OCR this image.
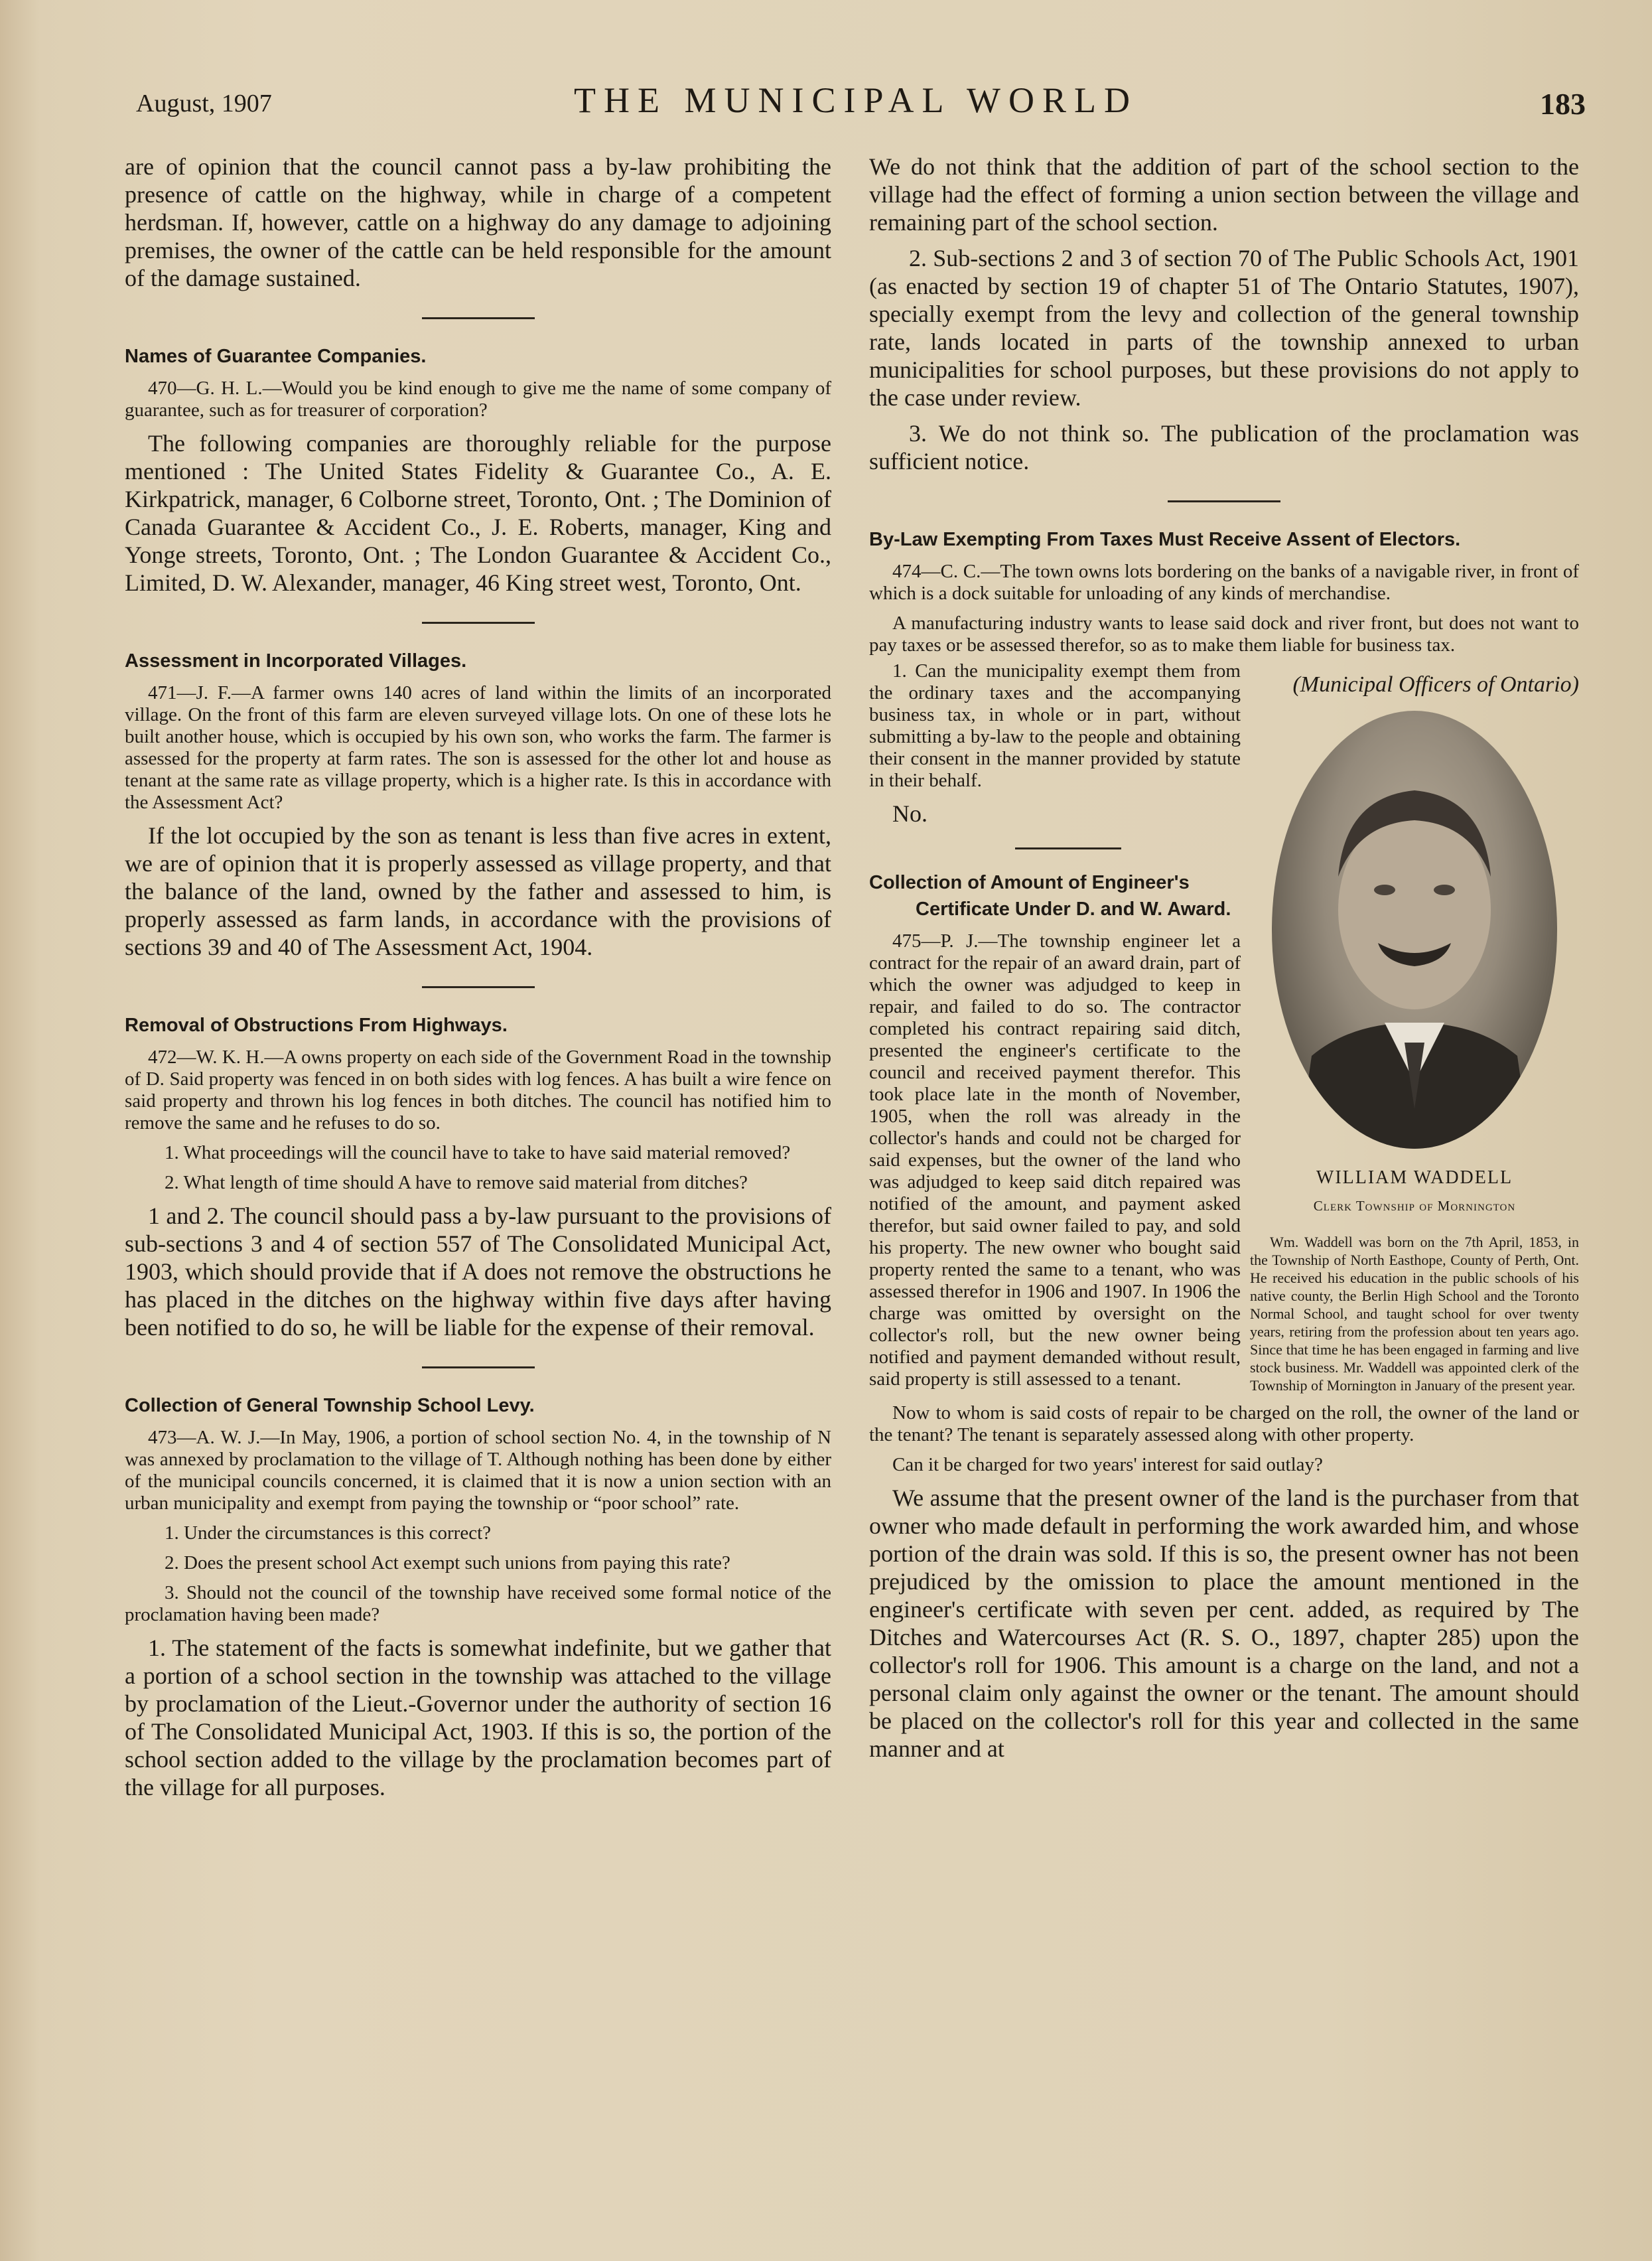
August, 1907	THE MUNICIPAL WORLD	183

are of opinion that the council cannot pass a by-law prohibiting the presence of cattle on the highway, while in charge of a competent herdsman. If, however, cattle on a highway do any damage to adjoining premises, the owner of the cattle can be held responsible for the amount of the damage sustained.

Names of Guarantee Companies.

470—G. H. L.—Would you be kind enough to give me the name of some company of guarantee, such as for treasurer of corporation?

The following companies are thoroughly reliable for the purpose mentioned : The United States Fidelity & Guarantee Co., A. E. Kirkpatrick, manager, 6 Colborne street, Toronto, Ont. ; The Dominion of Canada Guarantee & Accident Co., J. E. Roberts, manager, King and Yonge streets, Toronto, Ont. ; The London Guarantee & Accident Co., Limited, D. W. Alexander, manager, 46 King street west, Toronto, Ont.

Assessment in Incorporated Villages.

471—J. F.—A farmer owns 140 acres of land within the limits of an incorporated village. On the front of this farm are eleven surveyed village lots. On one of these lots he built another house, which is occupied by his own son, who works the farm. The farmer is assessed for the property at farm rates. The son is assessed for the other lot and house as tenant at the same rate as village property, which is a higher rate. Is this in accordance with the Assessment Act?

If the lot occupied by the son as tenant is less than five acres in extent, we are of opinion that it is properly assessed as village property, and that the balance of the land, owned by the father and assessed to him, is properly assessed as farm lands, in accordance with the provisions of sections 39 and 40 of The Assessment Act, 1904.

Removal of Obstructions From Highways.

472—W. K. H.—A owns property on each side of the Government Road in the township of D. Said property was fenced in on both sides with log fences. A has built a wire fence on said property and thrown his log fences in both ditches. The council has notified him to remove the same and he refuses to do so.

1. What proceedings will the council have to take to have said material removed?

2. What length of time should A have to remove said material from ditches?

1 and 2. The council should pass a by-law pursuant to the provisions of sub-sections 3 and 4 of section 557 of The Consolidated Municipal Act, 1903, which should provide that if A does not remove the obstructions he has placed in the ditches on the highway within five days after having been notified to do so, he will be liable for the expense of their removal.

Collection of General Township School Levy.

473—A. W. J.—In May, 1906, a portion of school section No. 4, in the township of N was annexed by proclamation to the village of T. Although nothing has been done by either of the municipal councils concerned, it is claimed that it is now a union section with an urban municipality and exempt from paying the township or “poor school” rate.

1. Under the circumstances is this correct?

2. Does the present school Act exempt such unions from paying this rate?

3. Should not the council of the township have received some formal notice of the proclamation having been made?

1. The statement of the facts is somewhat indefinite, but we gather that a portion of a school section in the township was attached to the village by proclamation of the Lieut.-Governor under the authority of section 16 of The Consolidated Municipal Act, 1903. If this is so, the portion of the school section added to the village by the proclamation becomes part of the village for all purposes.

We do not think that the addition of part of the school section to the village had the effect of forming a union section between the village and remaining part of the school section.

2. Sub-sections 2 and 3 of section 70 of The Public Schools Act, 1901 (as enacted by section 19 of chapter 51 of The Ontario Statutes, 1907), specially exempt from the levy and collection of the general township rate, lands located in parts of the township annexed to urban municipalities for school purposes, but these provisions do not apply to the case under review.

3. We do not think so. The publication of the proclamation was sufficient notice.

By-Law Exempting From Taxes Must Receive Assent of Electors.

474—C. C.—The town owns lots bordering on the banks of a navigable river, in front of which is a dock suitable for unloading of any kinds of merchandise.

A manufacturing industry wants to lease said dock and river front, but does not want to pay taxes or be assessed therefor, so as to make them liable for business tax.

1. Can the municipality exempt them from the ordinary taxes and the accompanying business tax, in whole or in part, without submitting a by-law to the people and obtaining their consent in the manner provided by statute in their behalf.

No.

Collection of Amount of Engineer's Certificate Under D. and W. Award.

475—P. J.—The township engineer let a contract for the repair of an award drain, part of which the owner was adjudged to keep in repair, and failed to do so. The contractor completed his contract repairing said ditch, presented the engineer's certificate to the council and received payment therefor. This took place late in the month of November, 1905, when the roll was already in the collector's hands and could not be charged for said expenses, but the owner of the land who was adjudged to keep said ditch repaired was notified of the amount, and payment asked therefor, but said owner failed to pay, and sold his property. The new owner who bought said property rented the same to a tenant, who was assessed therefor in 1906 and 1907. In 1906 the charge was omitted by oversight on the collector's roll, but the new owner being notified and payment demanded without result, said property is still assessed to a tenant.

(Municipal Officers of Ontario)
WILLIAM WADDELL
Clerk Township of Mornington

Wm. Waddell was born on the 7th April, 1853, in the Township of North Easthope, County of Perth, Ont. He received his education in the public schools of his native county, the Berlin High School and the Toronto Normal School, and taught school for over twenty years, retiring from the profession about ten years ago. Since that time he has been engaged in farming and live stock business. Mr. Waddell was appointed clerk of the Township of Mornington in January of the present year.

Now to whom is said costs of repair to be charged on the roll, the owner of the land or the tenant? The tenant is separately assessed along with other property.

Can it be charged for two years' interest for said outlay?

We assume that the present owner of the land is the purchaser from that owner who made default in performing the work awarded him, and whose portion of the drain was sold. If this is so, the present owner has not been prejudiced by the omission to place the amount mentioned in the engineer's certificate with seven per cent. added, as required by The Ditches and Watercourses Act (R. S. O., 1897, chapter 285) upon the collector's roll for 1906. This amount is a charge on the land, and not a personal claim only against the owner or the tenant. The amount should be placed on the collector's roll for this year and collected in the same manner and at
